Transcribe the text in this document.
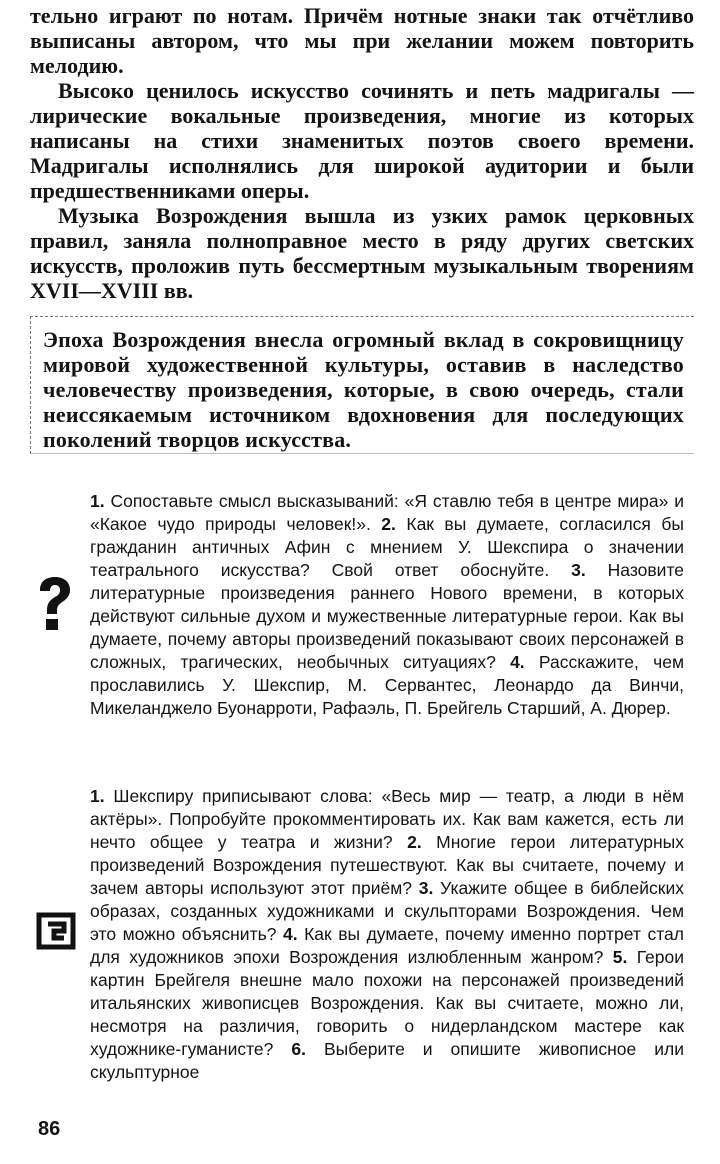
тельно играют по нотам. Причём нотные знаки так отчётливо выписаны автором, что мы при желании можем повторить мелодию.

Высоко ценилось искусство сочинять и петь мадригалы — лирические вокальные произведения, многие из которых написаны на стихи знаменитых поэтов своего времени. Мадригалы исполнялись для широкой аудитории и были предшественниками оперы.

Музыка Возрождения вышла из узких рамок церковных правил, заняла полноправное место в ряду других светских искусств, проложив путь бессмертным музыкальным творениям XVII—XVIII вв.

Эпоха Возрождения внесла огромный вклад в сокровищницу мировой художественной культуры, оставив в наследство человечеству произведения, которые, в свою очередь, стали неиссякаемым источником вдохновения для последующих поколений творцов искусства.

1. Сопоставьте смысл высказываний: «Я ставлю тебя в центре мира» и «Какое чудо природы человек!». 2. Как вы думаете, согласился бы гражданин античных Афин с мнением У. Шекспира о значении театрального искусства? Свой ответ обоснуйте. 3. Назовите литературные произведения раннего Нового времени, в которых действуют сильные духом и мужественные литературные герои. Как вы думаете, почему авторы произведений показывают своих персонажей в сложных, трагических, необычных ситуациях? 4. Расскажите, чем прославились У. Шекспир, М. Сервантес, Леонардо да Винчи, Микеланджело Буонарроти, Рафаэль, П. Брейгель Старший, А. Дюрер.

1. Шекспиру приписывают слова: «Весь мир — театр, а люди в нём актёры». Попробуйте прокомментировать их. Как вам кажется, есть ли нечто общее у театра и жизни? 2. Многие герои литературных произведений Возрождения путешествуют. Как вы считаете, почему и зачем авторы используют этот приём? 3. Укажите общее в библейских образах, созданных художниками и скульпторами Возрождения. Чем это можно объяснить? 4. Как вы думаете, почему именно портрет стал для художников эпохи Возрождения излюбленным жанром? 5. Герои картин Брейгеля внешне мало похожи на персонажей произведений итальянских живописцев Возрождения. Как вы считаете, можно ли, несмотря на различия, говорить о нидерландском мастере как художнике-гуманисте? 6. Выберите и опишите живописное или скульптурное

86
